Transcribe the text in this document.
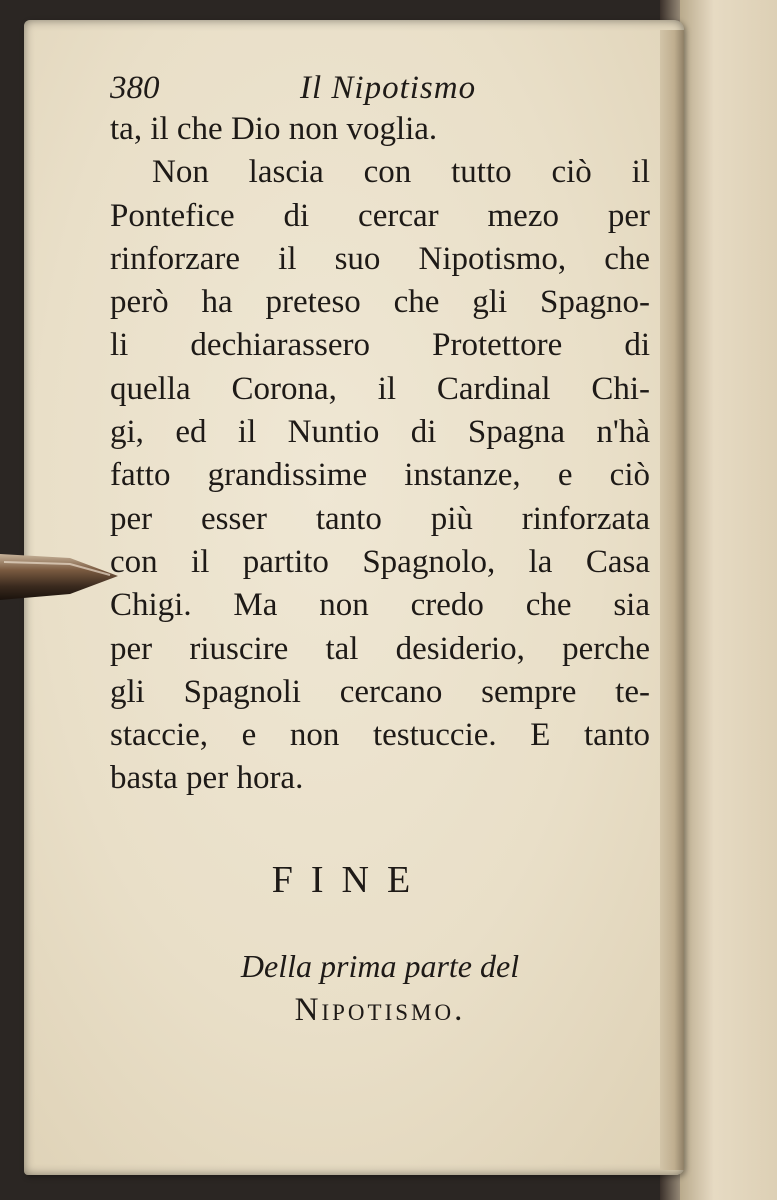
380	Il Nipotismo
ta, il che Dio non voglia.
Non lascia con tutto ciò il
Pontefice di cercar mezo per
rinforzare il suo Nipotismo, che
però ha preteso che gli Spagno-
li dechiarassero Protettore di
quella Corona, il Cardinal Chi-
gi, ed il Nuntio di Spagna n'hà
fatto grandissime instanze, e ciò
per esser tanto più rinforzata
con il partito Spagnolo, la Casa
Chigi. Ma non credo che sia
per riuscire tal desiderio, perche
gli Spagnoli cercano sempre te-
staccie, e non testuccie. E tanto
basta per hora.
FINE
Della prima parte del
Nipotismo.
